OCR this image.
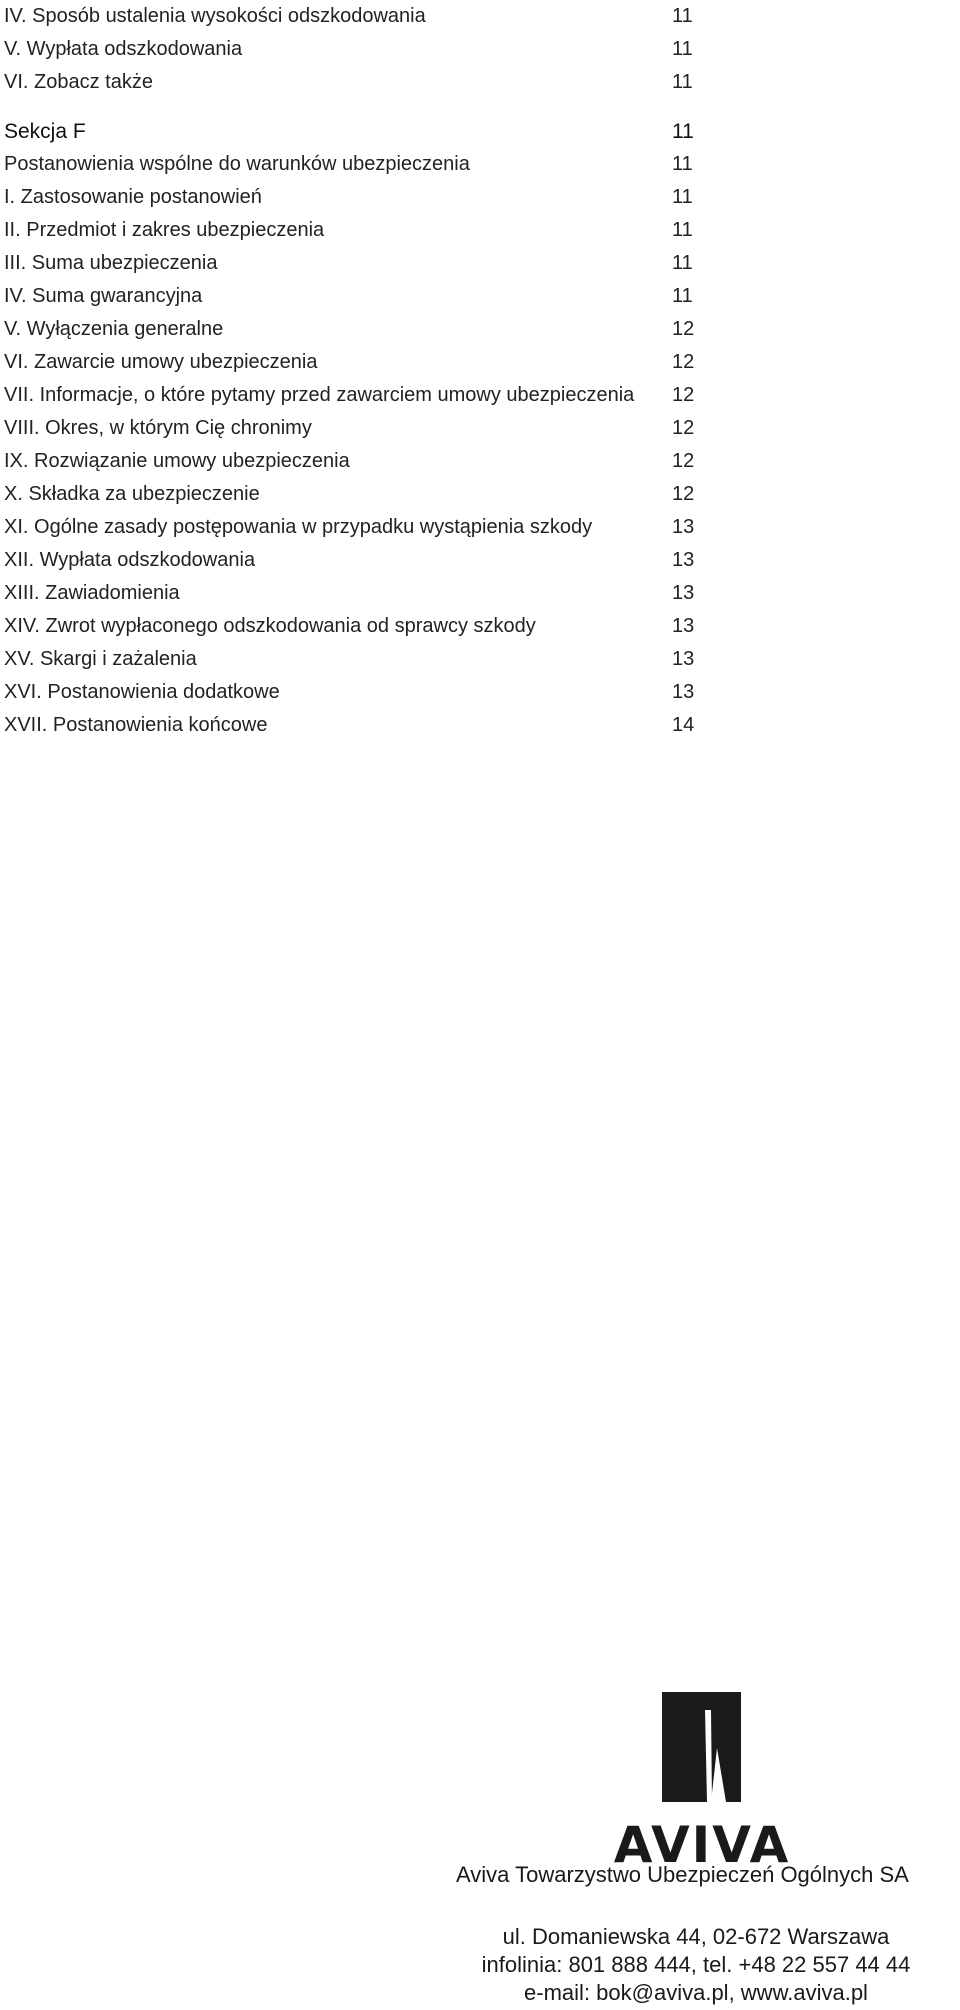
IV. Sposób ustalenia wysokości odszkodowania	11
V. Wypłata odszkodowania	11
VI. Zobacz także	11
Sekcja F	11
Postanowienia wspólne do warunków ubezpieczenia	11
I. Zastosowanie postanowień	11
II. Przedmiot i zakres ubezpieczenia	11
III. Suma ubezpieczenia	11
IV. Suma gwarancyjna	11
V. Wyłączenia generalne	12
VI. Zawarcie umowy ubezpieczenia	12
VII. Informacje, o które pytamy przed zawarciem umowy ubezpieczenia 12
VIII. Okres, w którym Cię chronimy	12
IX. Rozwiązanie umowy ubezpieczenia	12
X. Składka za ubezpieczenie	12
XI. Ogólne zasady postępowania w przypadku wystąpienia szkody	13
XII. Wypłata odszkodowania	13
XIII. Zawiadomienia	13
XIV. Zwrot wypłaconego odszkodowania od sprawcy szkody	13
XV. Skargi i zażalenia	13
XVI. Postanowienia dodatkowe	13
XVII. Postanowienia końcowe	14
AVIVA
Aviva Towarzystwo Ubezpieczeń Ogólnych SA
ul. Domaniewska 44, 02-672 Warszawa
infolinia: 801 888 444, tel. +48 22 557 44 44
e-mail: bok@aviva.pl, www.aviva.pl
